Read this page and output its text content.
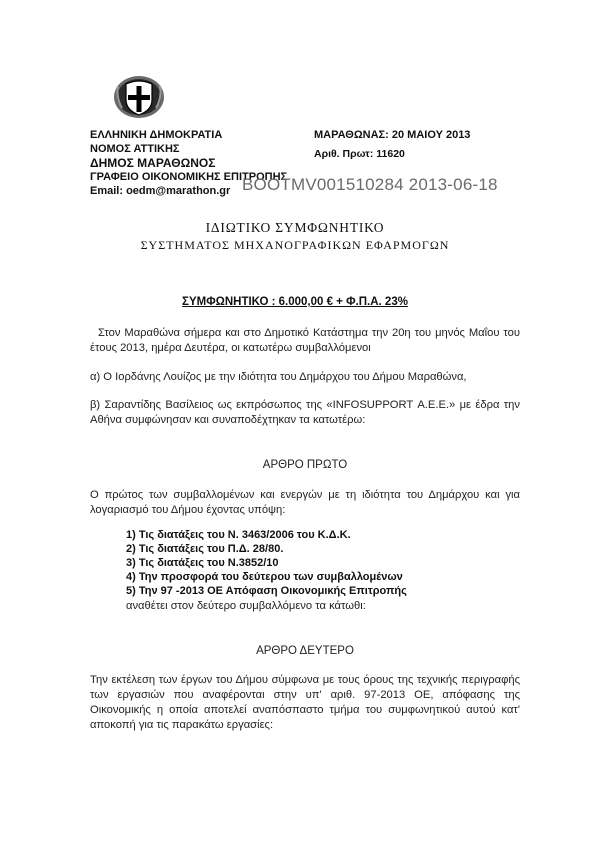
ΕΛΛΗΝΙΚΗ ΔΗΜΟΚΡΑΤΙΑ
ΝΟΜΟΣ ΑΤΤΙΚΗΣ
ΔΗΜΟΣ ΜΑΡΑΘΩΝΟΣ
ΓΡΑΦΕΙΟ ΟΙΚΟΝΟΜΙΚΗΣ ΕΠΙΤΡΟΠΗΣ
Email: oedm@marathon.gr
ΜΑΡΑΘΩΝΑΣ: 20 ΜΑΙΟΥ 2013
Αριθ. Πρωτ: 11620
ΒΟΟΤΜV001510284 2013-06-18
ΙΔΙΩΤΙΚΟ ΣΥΜΦΩΝΗΤΙΚΟ
ΣΥΣΤΗΜΑΤΟΣ ΜΗΧΑΝΟΓΡΑΦΙΚΩΝ ΕΦΑΡΜΟΓΩΝ
ΣΥΜΦΩΝΗΤΙΚΟ : 6.000,00 € + Φ.Π.Α. 23%
Στον Μαραθώνα σήμερα και στο Δημοτικό Κατάστημα την 20η του μηνός Μαΐου του έτους 2013, ημέρα Δευτέρα, οι κατωτέρω συμβαλλόμενοι
α) Ο Ιορδάνης Λουίζος με την ιδιότητα του Δημάρχου του Δήμου Μαραθώνα,
β) Σαραντίδης Βασίλειος ως εκπρόσωπος της «INFOSUPPORT Α.Ε.Ε.» με έδρα την Αθήνα συμφώνησαν και συναποδέχτηκαν τα κατωτέρω:
ΑΡΘΡΟ ΠΡΩΤΟ
Ο πρώτος των συμβαλλομένων και ενεργών με τη ιδιότητα του Δημάρχου και για λογαριασμό του Δήμου έχοντας υπόψη:
1) Τις διατάξεις του Ν. 3463/2006 του Κ.Δ.Κ.
2) Τις διατάξεις του Π.Δ. 28/80.
3) Τις διατάξεις του Ν.3852/10
4) Την προσφορά του δεύτερου των συμβαλλομένων
5) Την 97 -2013 ΟΕ Απόφαση Οικονομικής Επιτροπής
αναθέτει στον δεύτερο συμβαλλόμενο τα κάτωθι:
ΑΡΘΡΟ ΔΕΥΤΕΡΟ
Την εκτέλεση των έργων του Δήμου σύμφωνα με τους όρους της τεχνικής περιγραφής των εργασιών που αναφέρονται στην υπ' αριθ. 97-2013 ΟΕ, απόφασης της Οικονομικής η οποία αποτελεί αναπόσπαστο τμήμα του συμφωνητικού αυτού κατ' αποκοπή για τις παρακάτω εργασίες:
